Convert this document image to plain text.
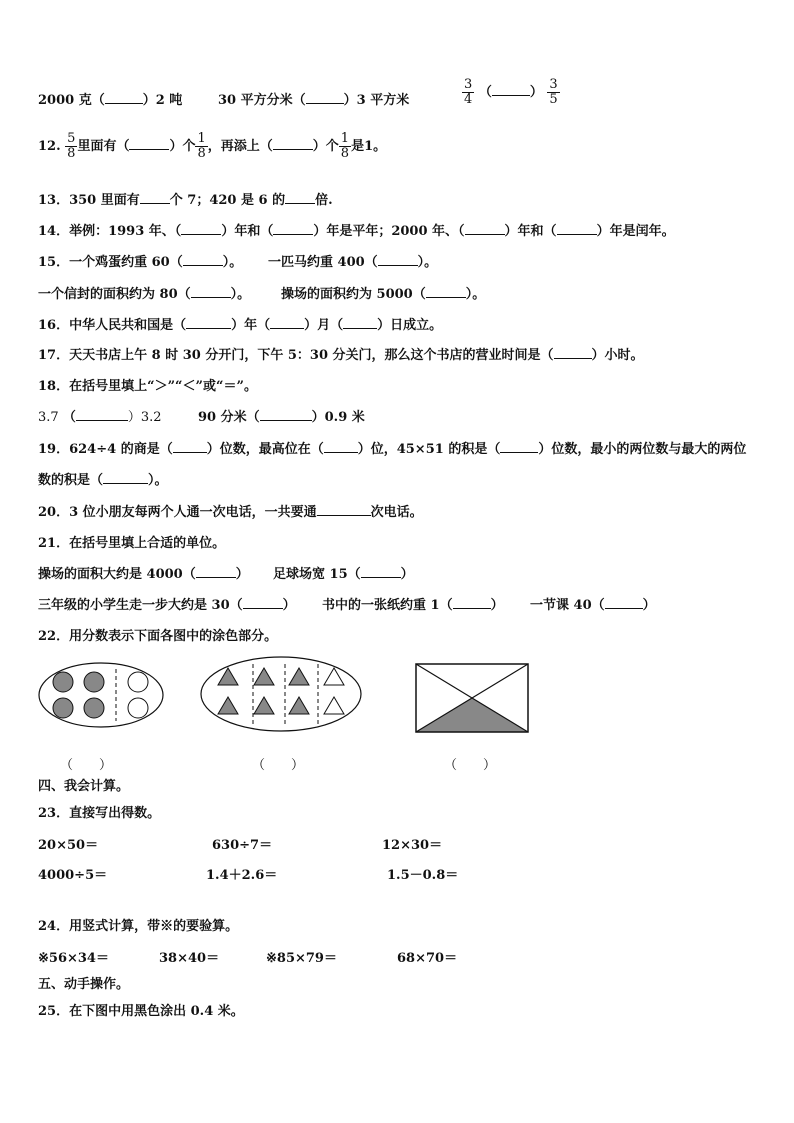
2000 克（	）2 吨	30 平方分米（	）3 平方米	$\frac{3}{4}$ （	） $\frac{3}{5}$
12. $\frac{5}{8}$ 里面有（	）个 $\frac{1}{8}$ ，再添上（	）个 $\frac{1}{8}$ 是1。
13．350 里面有 个 7；420 是 6 的 倍.
14．举例：1993 年、（	）年和（	）年是平年；2000 年、（	）年和（	）年是闰年。
15．一个鸡蛋约重 60（	）。 一匹马约重 400（	）。
一个信封的面积约为 80（	）。 操场的面积约为 5000（	）。
16．中华人民共和国是（	）年（	）月（	）日成立。
17．天天书店上午 8 时 30 分开门，下午 5：30 分关门，那么这个书店的营业时间是（	）小时。
18．在括号里填上“＞”“＜”或“＝”。
3.7 （	）3.2	90 分米（	）0.9 米
19．624÷4 的商是（	）位数，最高位在（	）位，45×51 的积是（	）位数，最小的两位数与最大的两位
数的积是（	）。
20．3 位小朋友每两个人通一次电话，一共要通	次电话。
21．在括号里填上合适的单位。
操场的面积大约是 4000（	） 足球场宽 15（	）
三年级的小学生走一步大约是 30（	） 书中的一张纸约重 1（	） 一节课 40（	）
22．用分数表示下面各图中的涂色部分。
（　　）	（　　）	（　　）
四、我会计算。
23．直接写出得数。
20×50＝	630÷7＝	12×30＝
4000÷5＝	1.4＋2.6＝	1.5－0.8＝
24．用竖式计算，带※的要验算。
※56×34＝	38×40＝	※85×79＝	68×70＝
五、动手操作。
25．在下图中用黑色涂出 0.4 米。
